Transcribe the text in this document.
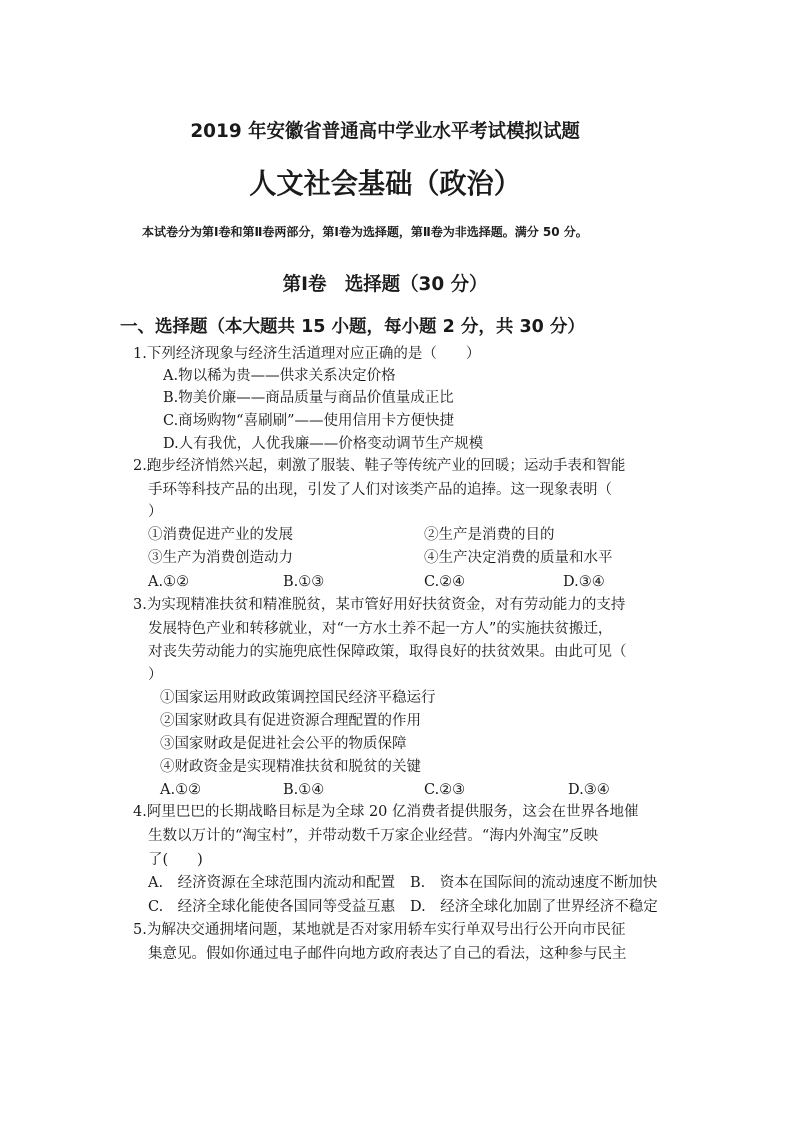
2019 年安徽省普通高中学业水平考试模拟试题
人文社会基础（政治）
本试卷分为第Ⅰ卷和第Ⅱ卷两部分，第Ⅰ卷为选择题，第Ⅱ卷为非选择题。满分 50 分。
第Ⅰ卷　选择题（30 分）
一、选择题（本大题共 15 小题，每小题 2 分，共 30 分）
1.下列经济现象与经济生活道理对应正确的是（　　）
A.物以稀为贵——供求关系决定价格
B.物美价廉——商品质量与商品价值量成正比
C.商场购物“喜刷刷”——使用信用卡方便快捷
D.人有我优，人优我廉——价格变动调节生产规模
2.跑步经济悄然兴起，刺激了服装、鞋子等传统产业的回暖；运动手表和智能
手环等科技产品的出现，引发了人们对该类产品的追捧。这一现象表明（
）
①消费促进产业的发展	②生产是消费的目的
③生产为消费创造动力	④生产决定消费的质量和水平
A.①②	B.①③	C.②④	D.③④
3.为实现精准扶贫和精准脱贫，某市管好用好扶贫资金，对有劳动能力的支持
发展特色产业和转移就业，对“一方水土养不起一方人”的实施扶贫搬迁，
对丧失劳动能力的实施兜底性保障政策，取得良好的扶贫效果。由此可见（
）
①国家运用财政政策调控国民经济平稳运行
②国家财政具有促进资源合理配置的作用
③国家财政是促进社会公平的物质保障
④财政资金是实现精准扶贫和脱贫的关键
A.①②	B.①④	C.②③	D.③④
4.阿里巴巴的长期战略目标是为全球 20 亿消费者提供服务，这会在世界各地催
生数以万计的“淘宝村”，并带动数千万家企业经营。“海内外淘宝”反映
了(　　)
A.　经济资源在全球范围内流动和配置 B.　资本在国际间的流动速度不断加快
C.　经济全球化能使各国同等受益互惠 D.　经济全球化加剧了世界经济不稳定
5.为解决交通拥堵问题，某地就是否对家用轿车实行单双号出行公开向市民征
集意见。假如你通过电子邮件向地方政府表达了自己的看法，这种参与民主
